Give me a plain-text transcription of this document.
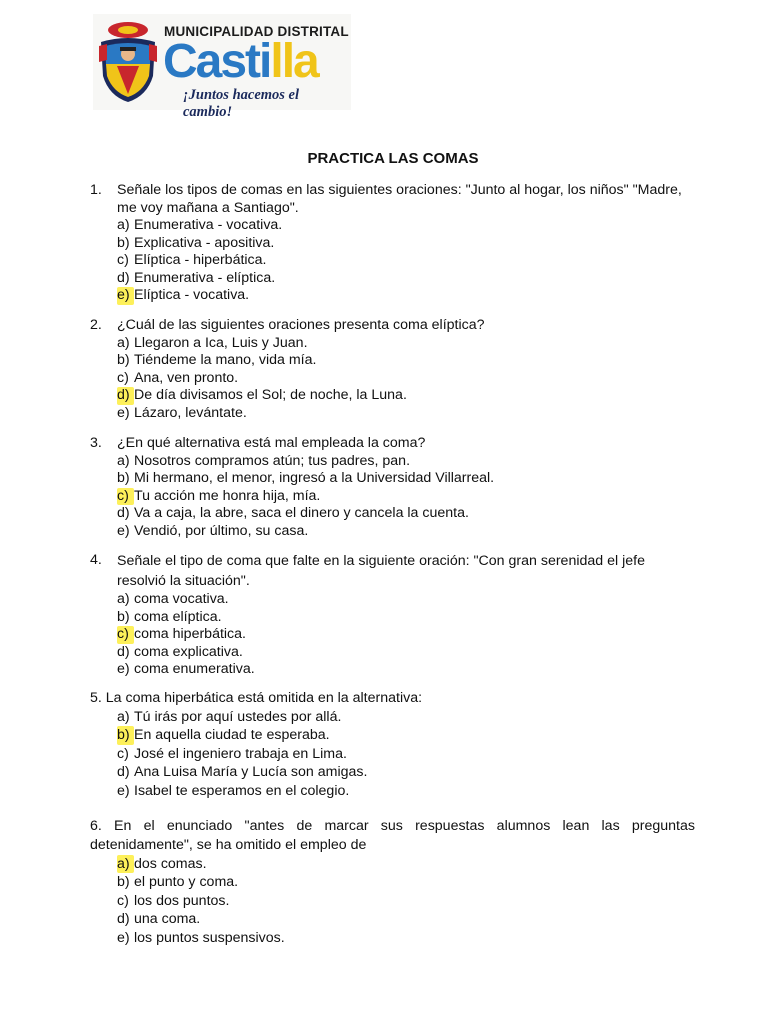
MUNICIPALIDAD DISTRITAL
Castilla
¡Juntos hacemos el cambio!
PRACTICA LAS COMAS
1.	Señale los tipos de comas en las siguientes oraciones: "Junto al hogar, los niños" "Madre, me voy mañana a Santiago".
a) Enumerativa - vocativa.
b) Explicativa - apositiva.
c) Elíptica - hiperbática.
d) Enumerativa - elíptica.
e) Elíptica - vocativa.
2.	¿Cuál de las siguientes oraciones presenta coma elíptica?
a) Llegaron a Ica, Luis y Juan.
b) Tiéndeme la mano, vida mía.
c) Ana, ven pronto.
d) De día divisamos el Sol; de noche, la Luna.
e) Lázaro, levántate.
3.	¿En qué alternativa está mal empleada la coma?
a) Nosotros compramos atún; tus padres, pan.
b) Mi hermano, el menor, ingresó a la Universidad Villarreal.
c) Tu acción me honra hija, mía.
d) Va a caja, la abre, saca el dinero y cancela la cuenta.
e) Vendió, por último, su casa.
4.	Señale el tipo de coma que falte en la siguiente oración: "Con gran serenidad el jefe resolvió la situación".
a) coma vocativa.
b) coma elíptica.
c) coma hiperbática.
d) coma explicativa.
e) coma enumerativa.
5.
La coma hiperbática está omitida en la alternativa:
a) Tú irás por aquí ustedes por allá.
b) En aquella ciudad te esperaba.
c) José el ingeniero trabaja en Lima.
d) Ana Luisa María y Lucía son amigas.
e) Isabel te esperamos en el colegio.
6. En el enunciado "antes de marcar sus respuestas alumnos lean las preguntas detenidamente", se ha omitido el empleo de
a) dos comas.
b) el punto y coma.
c) los dos puntos.
d) una coma.
e) los puntos suspensivos.
